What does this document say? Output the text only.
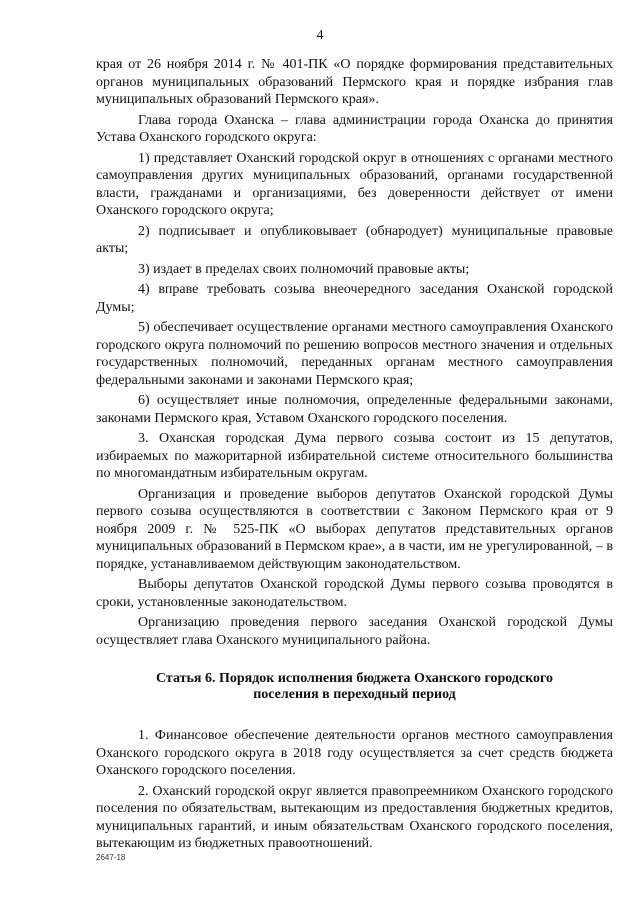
4

края от 26 ноября 2014 г. № 401-ПК «О порядке формирования представительных органов муниципальных образований Пермского края и порядке избрания глав муниципальных образований Пермского края».

Глава города Оханска – глава администрации города Оханска до принятия Устава Оханского городского округа:

1) представляет Оханский городской округ в отношениях с органами местного самоуправления других муниципальных образований, органами государственной власти, гражданами и организациями, без доверенности действует от имени Оханского городского округа;

2) подписывает и опубликовывает (обнародует) муниципальные правовые акты;

3) издает в пределах своих полномочий правовые акты;

4) вправе требовать созыва внеочередного заседания Оханской городской Думы;

5) обеспечивает осуществление органами местного самоуправления Оханского городского округа полномочий по решению вопросов местного значения и отдельных государственных полномочий, переданных органам местного самоуправления федеральными законами и законами Пермского края;

6) осуществляет иные полномочия, определенные федеральными законами, законами Пермского края, Уставом Оханского городского поселения.

3. Оханская городская Дума первого созыва состоит из 15 депутатов, избираемых по мажоритарной избирательной системе относительного большинства по многомандатным избирательным округам.

Организация и проведение выборов депутатов Оханской городской Думы первого созыва осуществляются в соответствии с Законом Пермского края от 9 ноября 2009 г. № 525-ПК «О выборах депутатов представительных органов муниципальных образований в Пермском крае», а в части, им не урегулированной, – в порядке, устанавливаемом действующим законодательством.

Выборы депутатов Оханской городской Думы первого созыва проводятся в сроки, установленные законодательством.

Организацию проведения первого заседания Оханской городской Думы осуществляет глава Оханского муниципального района.

Статья 6. Порядок исполнения бюджета Оханского городского поселения в переходный период

1. Финансовое обеспечение деятельности органов местного самоуправления Оханского городского округа в 2018 году осуществляется за счет средств бюджета Оханского городского поселения.

2. Оханский городской округ является правопреемником Оханского городского поселения по обязательствам, вытекающим из предоставления бюджетных кредитов, муниципальных гарантий, и иным обязательствам Оханского городского поселения, вытекающим из бюджетных правоотношений.

2647-18
